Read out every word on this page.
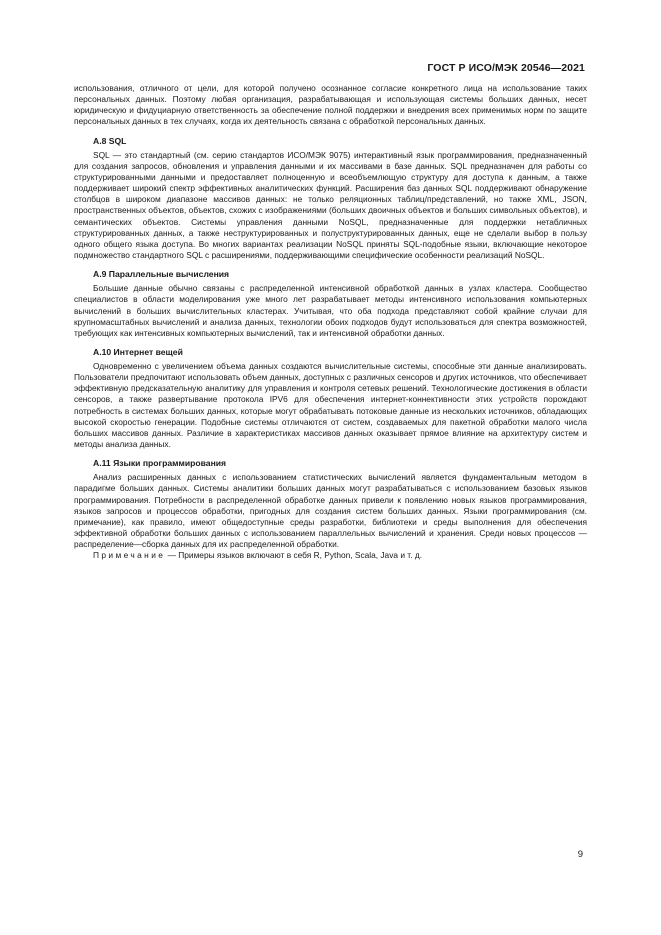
ГОСТ Р ИСО/МЭК 20546—2021

использования, отличного от цели, для которой получено осознанное согласие конкретного лица на использование таких персональных данных. Поэтому любая организация, разрабатывающая и использующая системы больших данных, несет юридическую и фидуциарную ответственность за обеспечение полной поддержки и внедрения всех применимых норм по защите персональных данных в тех случаях, когда их деятельность связана с обработкой персональных данных.

А.8 SQL

SQL — это стандартный (см. серию стандартов ИСО/МЭК 9075) интерактивный язык программирования, предназначенный для создания запросов, обновления и управления данными и их массивами в базе данных. SQL предназначен для работы со структурированными данными и предоставляет полноценную и всеобъемлющую структуру для доступа к данным, а также поддерживает широкий спектр эффективных аналитических функций. Расширения баз данных SQL поддерживают обнаружение столбцов в широком диапазоне массивов данных: не только реляционных таблиц/представлений, но также XML, JSON, пространственных объектов, объектов, схожих с изображениями (больших двоичных объектов и больших символьных объектов), и семантических объектов. Системы управления данными NoSQL, предназначенные для поддержки нетабличных структурированных данных, а также неструктурированных и полуструктурированных данных, еще не сделали выбор в пользу одного общего языка доступа. Во многих вариантах реализации NoSQL приняты SQL-подобные языки, включающие некоторое подмножество стандартного SQL с расширениями, поддерживающими специфические особенности реализаций NoSQL.

А.9 Параллельные вычисления

Большие данные обычно связаны с распределенной интенсивной обработкой данных в узлах кластера. Сообщество специалистов в области моделирования уже много лет разрабатывает методы интенсивного использования компьютерных вычислений в больших вычислительных кластерах. Учитывая, что оба подхода представляют собой крайние случаи для крупномасштабных вычислений и анализа данных, технологии обоих подходов будут использоваться для спектра возможностей, требующих как интенсивных компьютерных вычислений, так и интенсивной обработки данных.

А.10 Интернет вещей

Одновременно с увеличением объема данных создаются вычислительные системы, способные эти данные анализировать. Пользователи предпочитают использовать объем данных, доступных с различных сенсоров и других источников, что обеспечивает эффективную предсказательную аналитику для управления и контроля сетевых решений. Технологические достижения в области сенсоров, а также развертывание протокола IPV6 для обеспечения интернет-коннективности этих устройств порождают потребность в системах больших данных, которые могут обрабатывать потоковые данные из нескольких источников, обладающих высокой скоростью генерации. Подобные системы отличаются от систем, создаваемых для пакетной обработки малого числа больших массивов данных. Различие в характеристиках массивов данных оказывает прямое влияние на архитектуру систем и методы анализа данных.

А.11 Языки программирования

Анализ расширенных данных с использованием статистических вычислений является фундаментальным методом в парадигме больших данных. Системы аналитики больших данных могут разрабатываться с использованием базовых языков программирования. Потребности в распределенной обработке данных привели к появлению новых языков программирования, языков запросов и процессов обработки, пригодных для создания систем больших данных. Языки программирования (см. примечание), как правило, имеют общедоступные среды разработки, библиотеки и среды выполнения для обеспечения эффективной обработки больших данных с использованием параллельных вычислений и хранения. Среди новых процессов — распределение—сборка данных для их распределенной обработки.

Примечание — Примеры языков включают в себя R, Python, Scala, Java и т. д.

9
